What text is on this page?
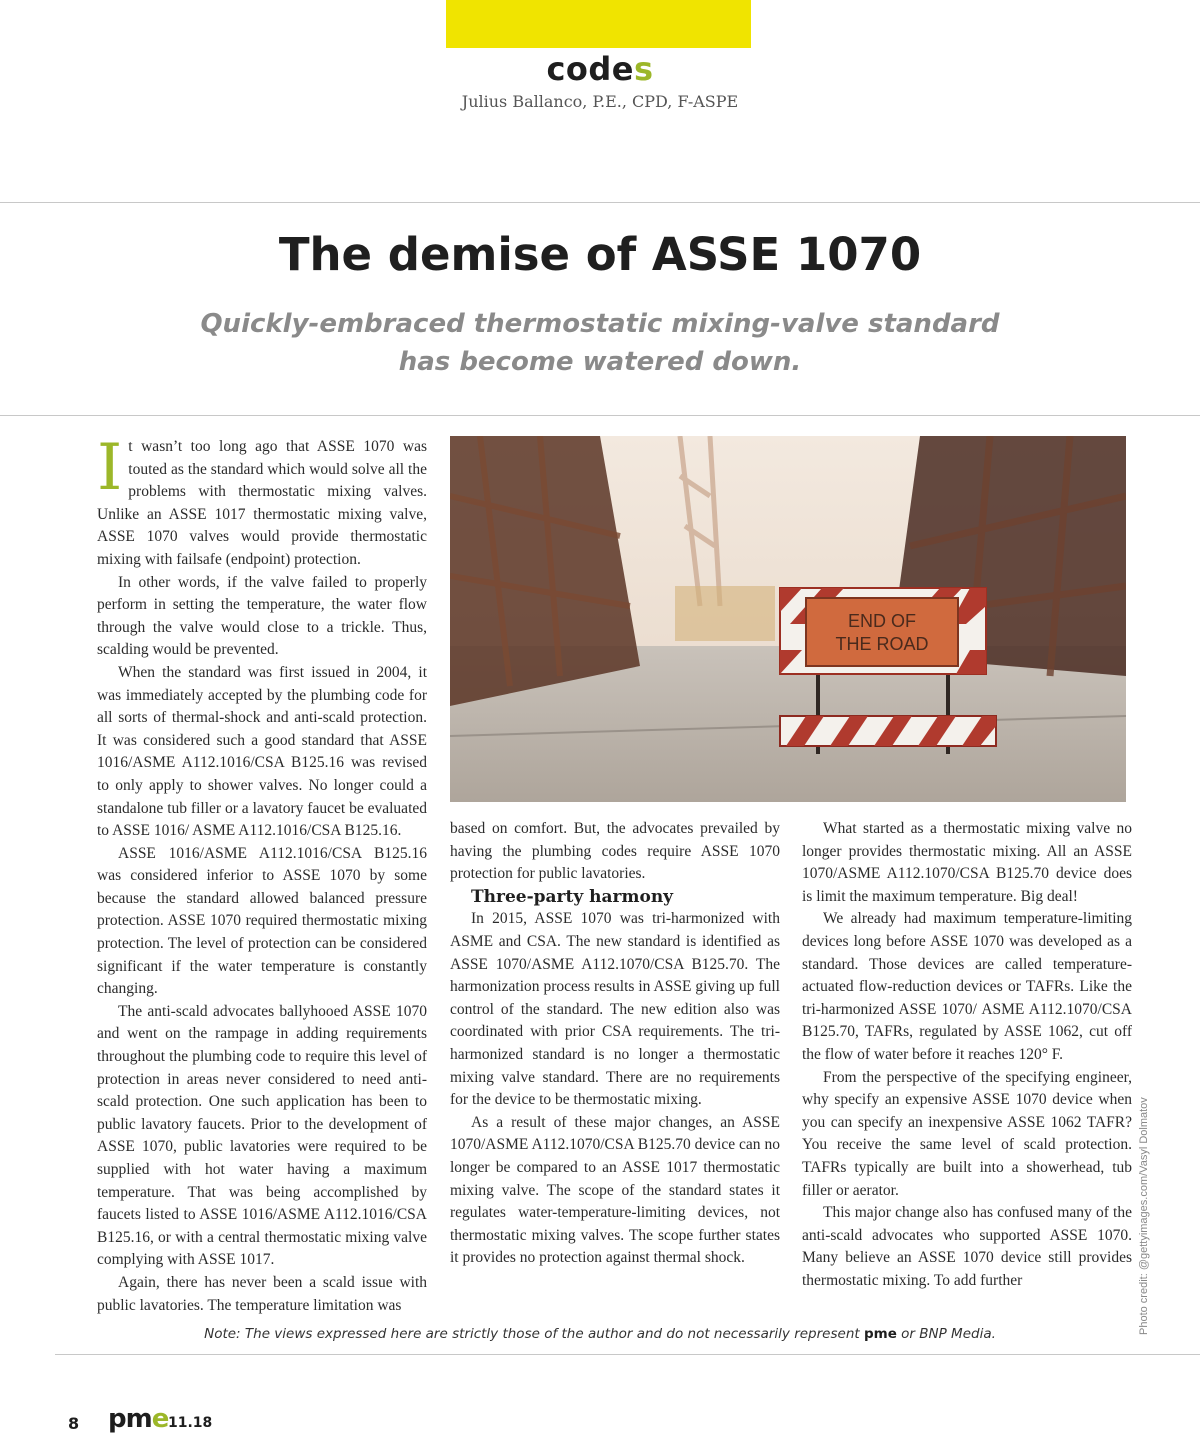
codes
Julius Ballanco, P.E., CPD, F-ASPE
The demise of ASSE 1070
Quickly-embraced thermostatic mixing-valve standard
has become watered down.

It wasn’t too long ago that ASSE 1070 was touted as the standard which would solve all the problems with thermostatic mixing valves. Unlike an ASSE 1017 thermostatic mixing valve, ASSE 1070 valves would provide thermostatic mixing with failsafe (endpoint) protection.

In other words, if the valve failed to properly perform in setting the temperature, the water flow through the valve would close to a trickle. Thus, scalding would be prevented.

When the standard was first issued in 2004, it was immediately accepted by the plumbing code for all sorts of thermal-shock and anti-scald protection. It was considered such a good standard that ASSE 1016/ASME A112.1016/CSA B125.16 was revised to only apply to shower valves. No longer could a standalone tub filler or a lavatory faucet be evaluated to ASSE 1016/ ASME A112.1016/CSA B125.16.

ASSE 1016/ASME A112.1016/CSA B125.16 was considered inferior to ASSE 1070 by some because the standard allowed balanced pressure protection. ASSE 1070 required thermostatic mixing protection. The level of protection can be considered significant if the water temperature is constantly changing.

The anti-scald advocates ballyhooed ASSE 1070 and went on the rampage in adding requirements throughout the plumbing code to require this level of protection in areas never considered to need anti-scald protection. One such application has been to public lavatory faucets. Prior to the development of ASSE 1070, public lavatories were required to be supplied with hot water having a maximum temperature. That was being accomplished by faucets listed to ASSE 1016/ASME A112.1016/CSA B125.16, or with a central thermostatic mixing valve complying with ASSE 1017.

Again, there has never been a scald issue with public lavatories. The temperature limitation was

END OF
THE ROAD
Photo credit: @gettyimages.com/Vasyl Dolmatov

based on comfort. But, the advocates prevailed by having the plumbing codes require ASSE 1070 protection for public lavatories.

Three-party harmony

In 2015, ASSE 1070 was tri-harmonized with ASME and CSA. The new standard is identified as ASSE 1070/ASME A112.1070/CSA B125.70. The harmonization process results in ASSE giving up full control of the standard. The new edition also was coordinated with prior CSA requirements. The tri-harmonized standard is no longer a thermostatic mixing valve standard. There are no requirements for the device to be thermostatic mixing.

As a result of these major changes, an ASSE 1070/ASME A112.1070/CSA B125.70 device can no longer be compared to an ASSE 1017 thermostatic mixing valve. The scope of the standard states it regulates water-temperature-limiting devices, not thermostatic mixing valves. The scope further states it provides no protection against thermal shock.

What started as a thermostatic mixing valve no longer provides thermostatic mixing. All an ASSE 1070/ASME A112.1070/CSA B125.70 device does is limit the maximum temperature. Big deal!

We already had maximum temperature-limiting devices long before ASSE 1070 was developed as a standard. Those devices are called temperature-actuated flow-reduction devices or TAFRs. Like the tri-harmonized ASSE 1070/ ASME A112.1070/CSA B125.70, TAFRs, regulated by ASSE 1062, cut off the flow of water before it reaches 120° F.

From the perspective of the specifying engineer, why specify an expensive ASSE 1070 device when you can specify an inexpensive ASSE 1062 TAFR? You receive the same level of scald protection. TAFRs typically are built into a showerhead, tub filler or aerator.

This major change also has confused many of the anti-scald advocates who supported ASSE 1070. Many believe an ASSE 1070 device still provides thermostatic mixing. To add further

Note: The views expressed here are strictly those of the author and do not necessarily represent pme or BNP Media.
8 pme 11.18
